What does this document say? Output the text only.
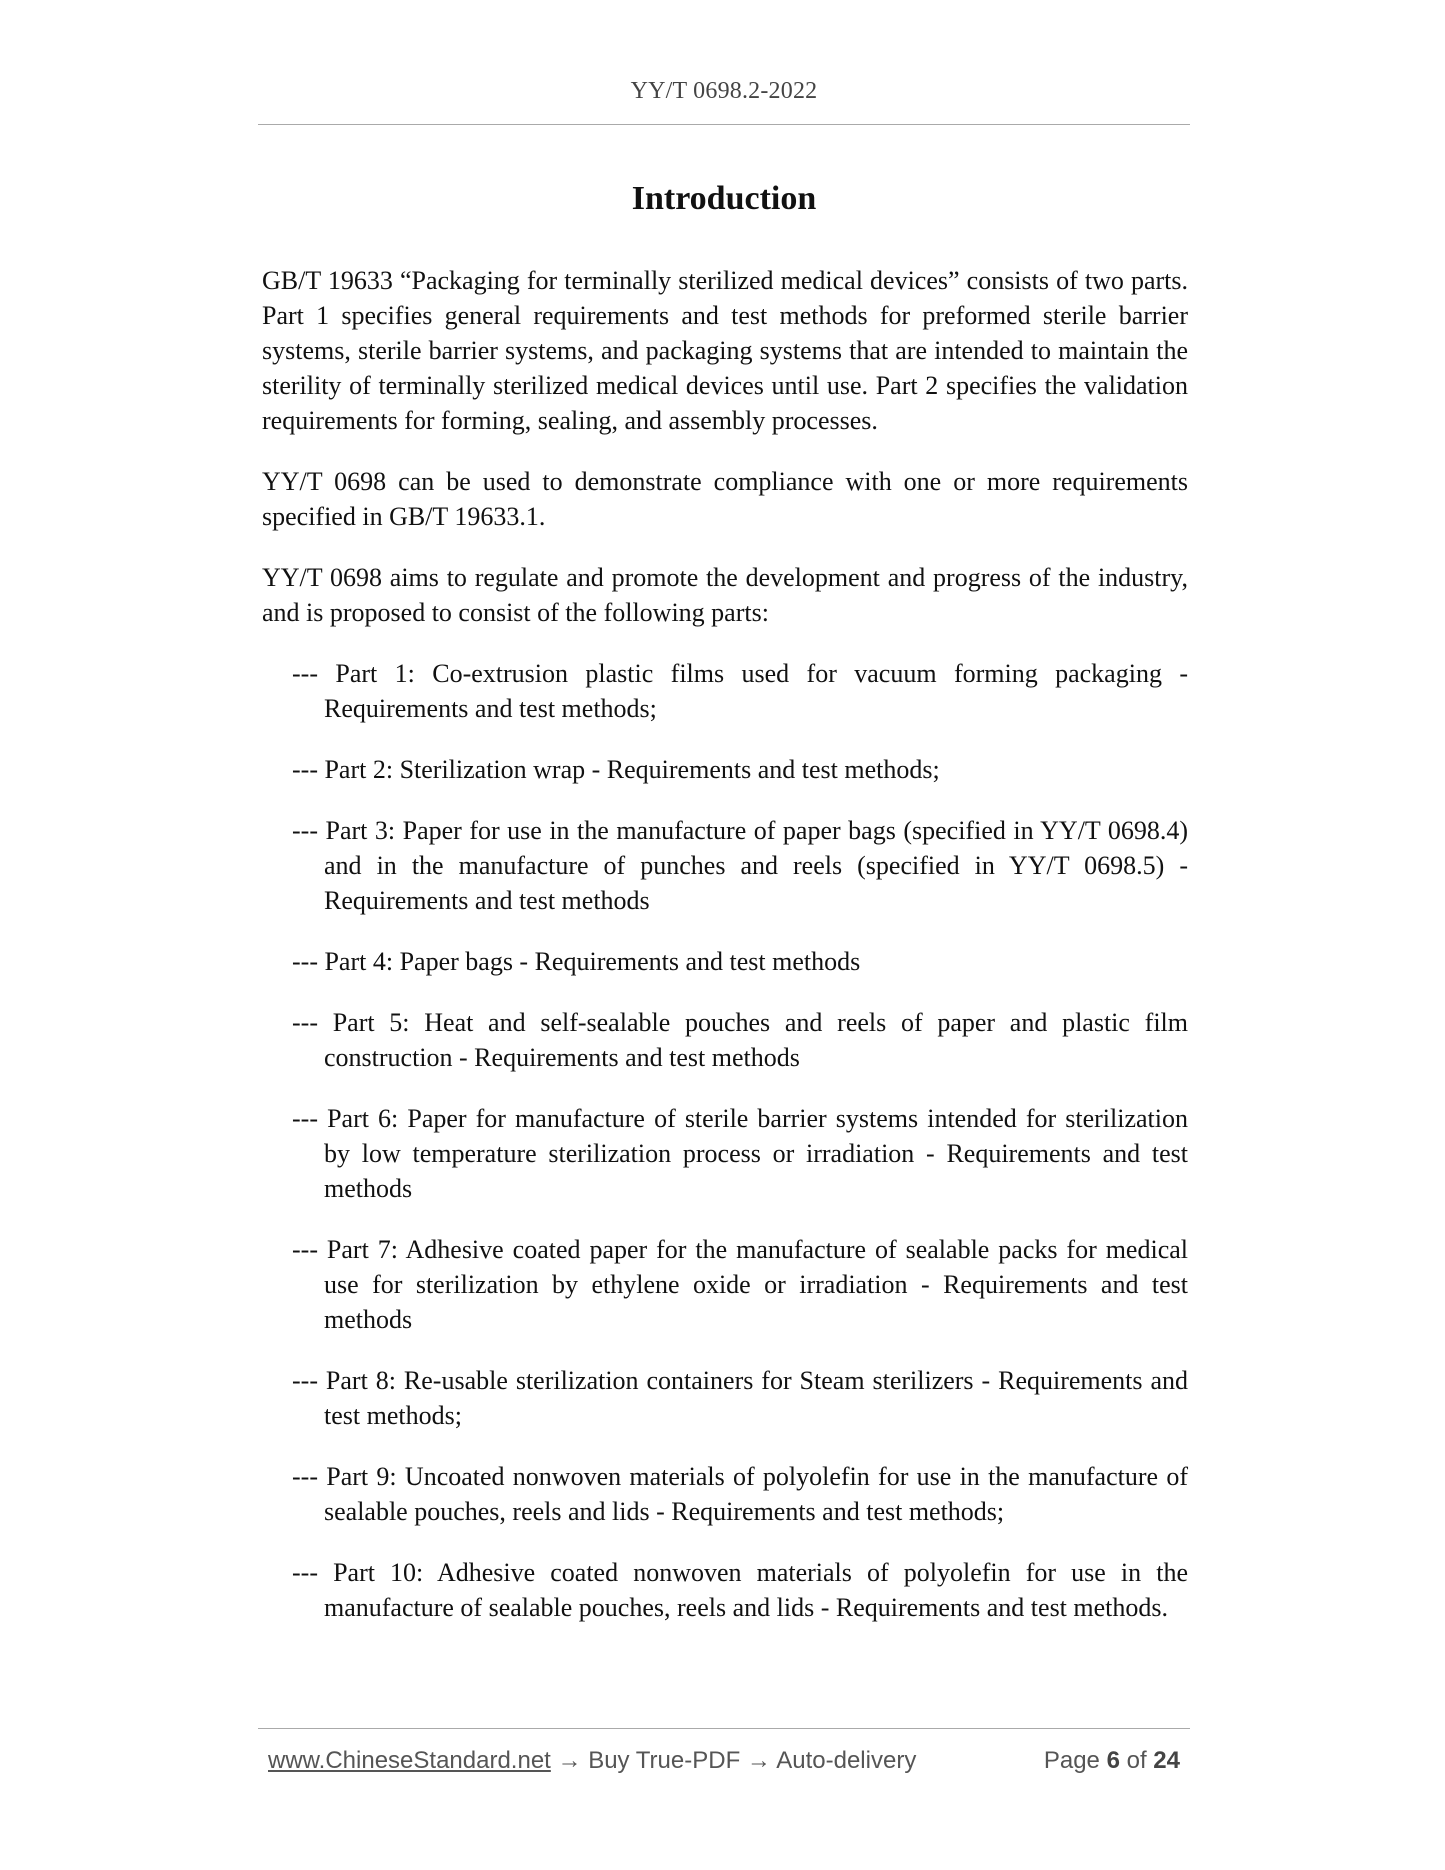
YY/T 0698.2-2022
Introduction

GB/T 19633 “Packaging for terminally sterilized medical devices” consists of two parts. Part 1 specifies general requirements and test methods for preformed sterile barrier systems, sterile barrier systems, and packaging systems that are intended to maintain the sterility of terminally sterilized medical devices until use. Part 2 specifies the validation requirements for forming, sealing, and assembly processes.

YY/T 0698 can be used to demonstrate compliance with one or more requirements specified in GB/T 19633.1.

YY/T 0698 aims to regulate and promote the development and progress of the industry, and is proposed to consist of the following parts:

--- Part 1: Co-extrusion plastic films used for vacuum forming packaging - Requirements and test methods;
--- Part 2: Sterilization wrap - Requirements and test methods;
--- Part 3: Paper for use in the manufacture of paper bags (specified in YY/T 0698.4) and in the manufacture of punches and reels (specified in YY/T 0698.5) - Requirements and test methods
--- Part 4: Paper bags - Requirements and test methods
--- Part 5: Heat and self-sealable pouches and reels of paper and plastic film construction - Requirements and test methods
--- Part 6: Paper for manufacture of sterile barrier systems intended for sterilization by low temperature sterilization process or irradiation - Requirements and test methods
--- Part 7: Adhesive coated paper for the manufacture of sealable packs for medical use for sterilization by ethylene oxide or irradiation - Requirements and test methods
--- Part 8: Re-usable sterilization containers for Steam sterilizers - Requirements and test methods;
--- Part 9: Uncoated nonwoven materials of polyolefin for use in the manufacture of sealable pouches, reels and lids - Requirements and test methods;
--- Part 10: Adhesive coated nonwoven materials of polyolefin for use in the manufacture of sealable pouches, reels and lids - Requirements and test methods.
www.ChineseStandard.net → Buy True-PDF → Auto-delivery	Page 6 of 24
